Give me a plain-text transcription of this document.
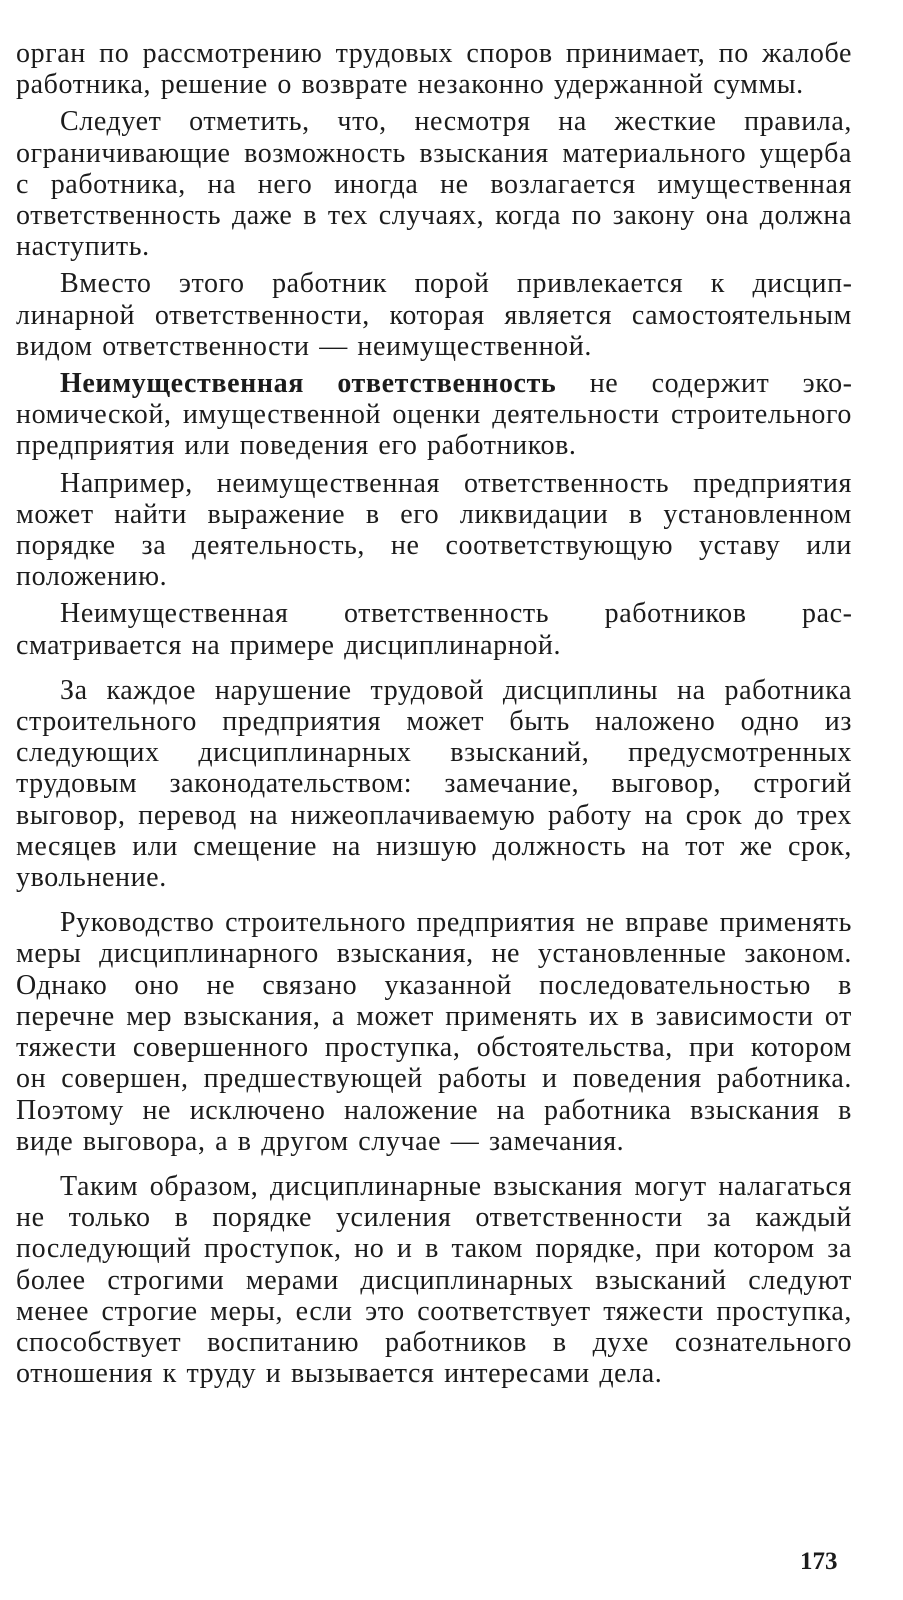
орган по рассмотрению трудовых споров принимает, по жалобе работника, решение о возврате незаконно удержанной суммы.

Следует отметить, что, несмотря на жесткие правила, ограничивающие возможность взыскания материального ущерба с работника, на него иногда не возлагается имущественная ответственность даже в тех случаях, когда по закону она должна наступить.

Вместо этого работник порой привлекается к дисциплинарной ответственности, которая является самостоятельным видом ответственности — неимущественной.

Неимущественная ответственность не содержит экономической, имущественной оценки деятельности строительного предприятия или поведения его работников.

Например, неимущественная ответственность предприятия может найти выражение в его ликвидации в установленном порядке за деятельность, не соответствующую уставу или положению.

Неимущественная ответственность работников рассматривается на примере дисциплинарной.

За каждое нарушение трудовой дисциплины на работника строительного предприятия может быть наложено одно из следующих дисциплинарных взысканий, предусмотренных трудовым законодательством: замечание, выговор, строгий выговор, перевод на нижеоплачиваемую работу на срок до трех месяцев или смещение на низшую должность на тот же срок, увольнение.

Руководство строительного предприятия не вправе применять меры дисциплинарного взыскания, не установленные законом. Однако оно не связано указанной последовательностью в перечне мер взыскания, а может применять их в зависимости от тяжести совершенного проступка, обстоятельства, при котором он совершен, предшествующей работы и поведения работника. Поэтому не исключено наложение на работника взыскания в виде выговора, а в другом случае — замечания.

Таким образом, дисциплинарные взыскания могут налагаться не только в порядке усиления ответственности за каждый последующий проступок, но и в таком порядке, при котором за более строгими мерами дисциплинарных взысканий следуют менее строгие меры, если это соответствует тяжести проступка, способствует воспитанию работников в духе сознательного отношения к труду и вызывается интересами дела.

173
